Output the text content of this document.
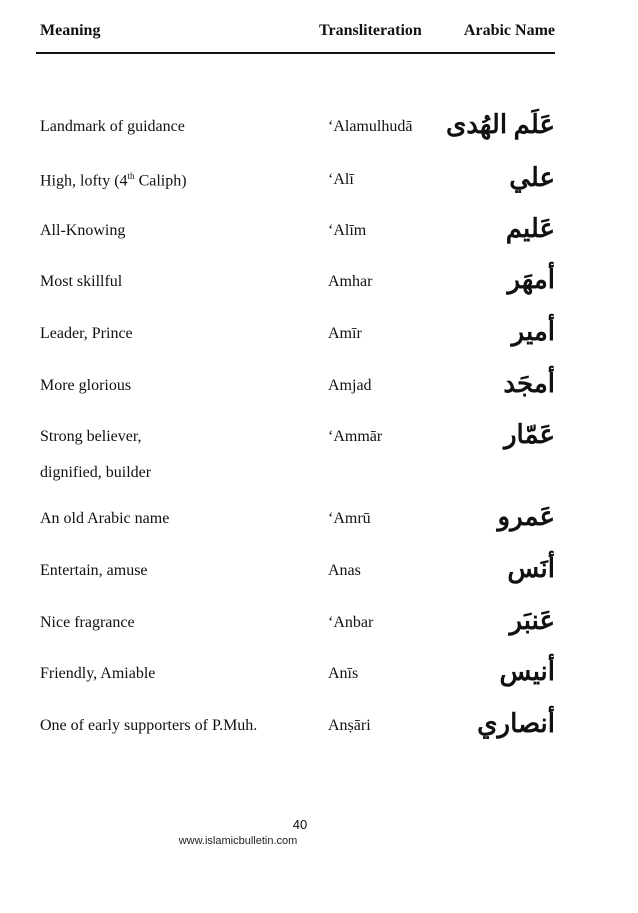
Meaning	Transliteration	Arabic Name
Landmark of guidance	‘Alamulhudā عَلَم الهُدى
High, lofty (4th Caliph)	‘Alī	علي
All-Knowing	‘Alīm	عَليم
Most skillful	Amhar	أمهَر
Leader, Prince	Amīr	أمير
More glorious	Amjad	أمجَد
Strong believer,
dignified, builder
‘Ammār	عَمّار
An old Arabic name	‘Amrū	عَمرو
Entertain, amuse	Anas	أنَس
Nice fragrance	‘Anbar	عَنبَر
Friendly, Amiable	Anīs	أنيس
One of early supporters of P.Muh.	Anṣāri	أنصاري
40
www.islamicbulletin.com
